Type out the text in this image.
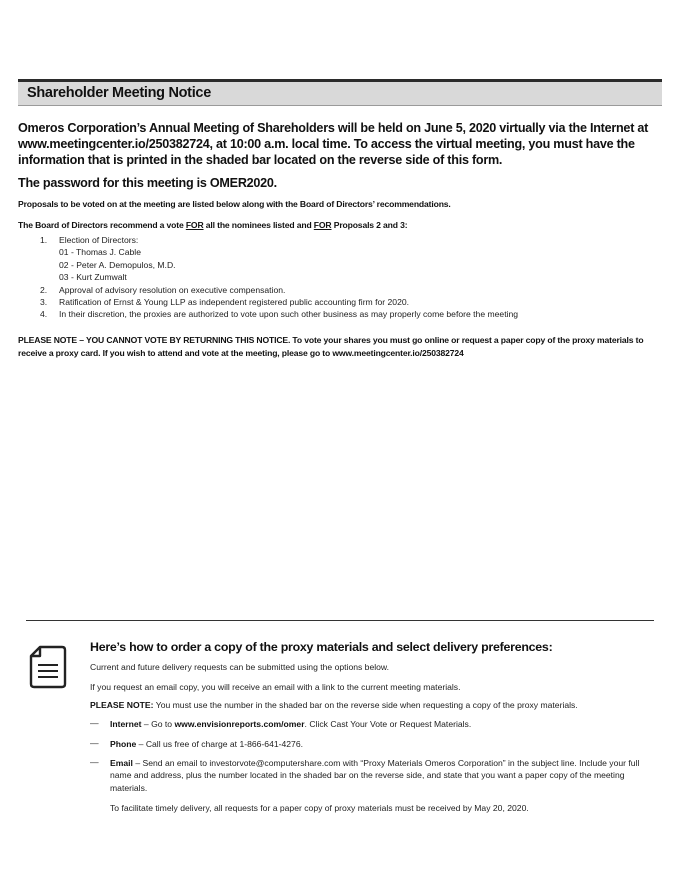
Shareholder Meeting Notice
Omeros Corporation’s Annual Meeting of Shareholders will be held on June 5, 2020 virtually via the Internet at www.meetingcenter.io/250382724, at 10:00 a.m. local time. To access the virtual meeting, you must have the information that is printed in the shaded bar located on the reverse side of this form.
The password for this meeting is OMER2020.
Proposals to be voted on at the meeting are listed below along with the Board of Directors’ recommendations.
The Board of Directors recommend a vote FOR all the nominees listed and FOR Proposals 2 and 3:
1. Election of Directors:
01 - Thomas J. Cable
02 - Peter A. Demopulos, M.D.
03 - Kurt Zumwalt
2. Approval of advisory resolution on executive compensation.
3. Ratification of Ernst & Young LLP as independent registered public accounting firm for 2020.
4. In their discretion, the proxies are authorized to vote upon such other business as may properly come before the meeting
PLEASE NOTE – YOU CANNOT VOTE BY RETURNING THIS NOTICE. To vote your shares you must go online or request a paper copy of the proxy materials to receive a proxy card. If you wish to attend and vote at the meeting, please go to www.meetingcenter.io/250382724
Here’s how to order a copy of the proxy materials and select delivery preferences:
Current and future delivery requests can be submitted using the options below.
If you request an email copy, you will receive an email with a link to the current meeting materials.
PLEASE NOTE: You must use the number in the shaded bar on the reverse side when requesting a copy of the proxy materials.
— Internet – Go to www.envisionreports.com/omer. Click Cast Your Vote or Request Materials.
— Phone – Call us free of charge at 1-866-641-4276.
— Email – Send an email to investorvote@computershare.com with “Proxy Materials Omeros Corporation” in the subject line. Include your full name and address, plus the number located in the shaded bar on the reverse side, and state that you want a paper copy of the meeting materials.
To facilitate timely delivery, all requests for a paper copy of proxy materials must be received by May 20, 2020.
